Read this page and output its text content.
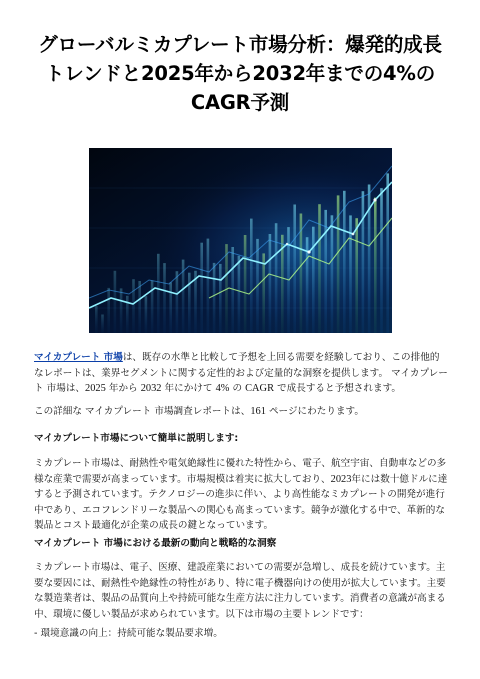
グローバルミカプレート市場分析：爆発的成長
トレンドと2025年から2032年までの4%の
CAGR予測

マイカプレート 市場は、既存の水準と比較して予想を上回る需要を経験しており、この排他的なレポートは、業界セグメントに関する定性的および定量的な洞察を提供します。 マイカプレート 市場は、2025 年から 2032 年にかけて 4% の CAGR で成長すると予想されます。

この詳細な マイカプレート 市場調査レポートは、161 ページにわたります。

マイカプレート市場について簡単に説明します:

ミカプレート市場は、耐熱性や電気絶縁性に優れた特性から、電子、航空宇宙、自動車などの多様な産業で需要が高まっています。市場規模は着実に拡大しており、2023年には数十億ドルに達すると予測されています。テクノロジーの進歩に伴い、より高性能なミカプレートの開発が進行中であり、エコフレンドリーな製品への関心も高まっています。競争が激化する中で、革新的な製品とコスト最適化が企業の成長の鍵となっています。

マイカプレート 市場における最新の動向と戦略的な洞察

ミカプレート市場は、電子、医療、建設産業においての需要が急増し、成長を続けています。主要な要因には、耐熱性や絶縁性の特性があり、特に電子機器向けの使用が拡大しています。主要な製造業者は、製品の品質向上や持続可能な生産方法に注力しています。消費者の意識が高まる中、環境に優しい製品が求められています。以下は市場の主要トレンドです：

- 環境意識の向上：持続可能な製品要求増。
